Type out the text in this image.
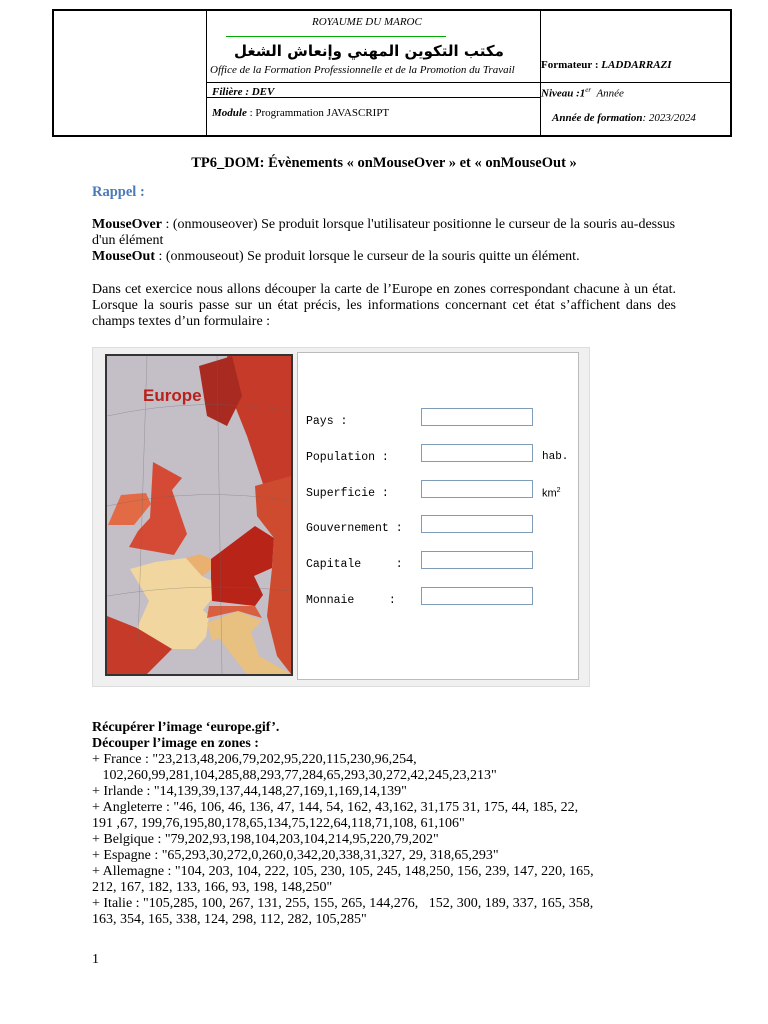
ROYAUME DU MAROC
مكتب التكوين المهني وإنعاش الشغل
Office de la Formation Professionnelle et de la Promotion du Travail Formateur : LADDARRAZI
Filière : DEV	Niveau :1er Année
Module : Programmation JAVASCRIPT	Année de formation: 2023/2024
TP6_DOM: Évènements « onMouseOver » et « onMouseOut »
Rappel :
MouseOver : (onmouseover) Se produit lorsque l'utilisateur positionne le curseur de la souris au-dessus d'un élément
MouseOut : (onmouseout) Se produit lorsque le curseur de la souris quitte un élément.
Dans cet exercice nous allons découper la carte de l’Europe en zones correspondant chacune à un état. Lorsque la souris passe sur un état précis, les informations concernant cet état s’affichent dans des champs textes d’un formulaire :
Europe
Pays :
Population :	hab.
Superficie :	$km^2$
Gouvernement :
Capitale     :
Monnaie     :
Récupérer l’image ‘europe.gif’.
Découper l’image en zones :
+ France : "23,213,48,206,79,202,95,220,115,230,96,254,
102,260,99,281,104,285,88,293,77,284,65,293,30,272,42,245,23,213"
+ Irlande : "14,139,39,137,44,148,27,169,1,169,14,139"
+ Angleterre : "46, 106, 46, 136, 47, 144, 54, 162, 43,162, 31,175 31, 175, 44, 185, 22,
191 ,67, 199,76,195,80,178,65,134,75,122,64,118,71,108, 61,106"
+ Belgique : "79,202,93,198,104,203,104,214,95,220,79,202"
+ Espagne : "65,293,30,272,0,260,0,342,20,338,31,327, 29, 318,65,293"
+ Allemagne : "104, 203, 104, 222, 105, 230, 105, 245, 148,250, 156, 239, 147, 220, 165,
212, 167, 182, 133, 166, 93, 198, 148,250"
+ Italie : "105,285, 100, 267, 131, 255, 155, 265, 144,276,   152, 300, 189, 337, 165, 358,
163, 354, 165, 338, 124, 298, 112, 282, 105,285"
1
